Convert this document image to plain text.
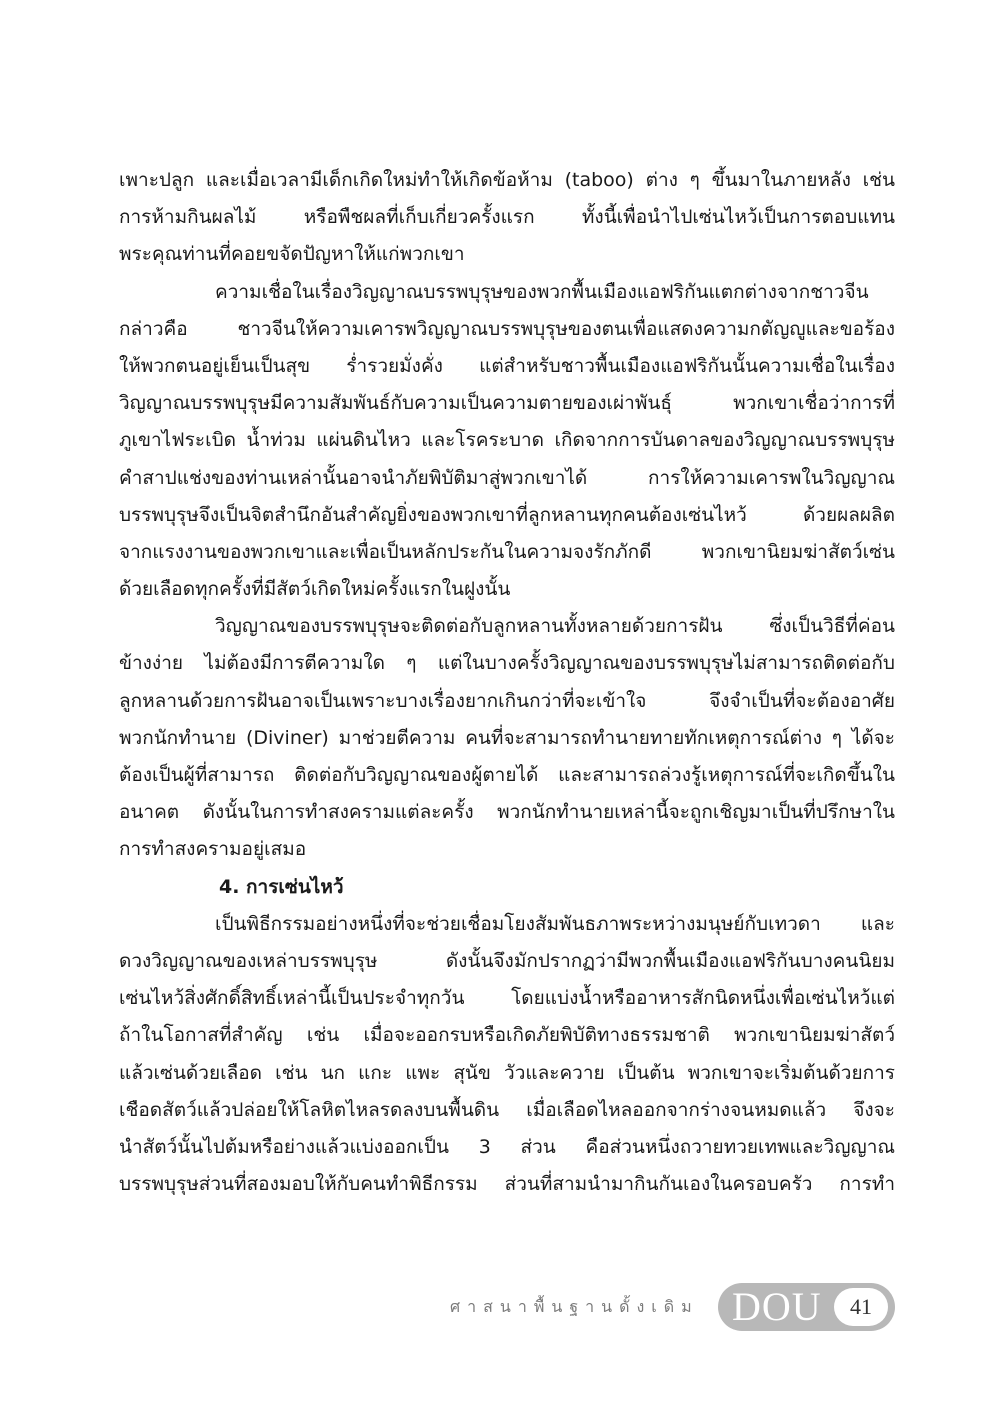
เพาะปลูก และเมื่อเวลามีเด็กเกิดใหม่ทำให้เกิดข้อห้าม (taboo) ต่าง ๆ ขึ้นมาในภายหลัง เช่น
การห้ามกินผลไม้ หรือพืชผลที่เก็บเกี่ยวครั้งแรก ทั้งนี้เพื่อนำไปเซ่นไหว้เป็นการตอบแทน
พระคุณท่านที่คอยขจัดปัญหาให้แก่พวกเขา
ความเชื่อในเรื่องวิญญาณบรรพบุรุษของพวกพื้นเมืองแอฟริกันแตกต่างจากชาวจีน
กล่าวคือ ชาวจีนให้ความเคารพวิญญาณบรรพบุรุษของตนเพื่อแสดงความกตัญญูและขอร้อง
ให้พวกตนอยู่เย็นเป็นสุข ร่ำรวยมั่งคั่ง แต่สำหรับชาวพื้นเมืองแอฟริกันนั้นความเชื่อในเรื่อง
วิญญาณบรรพบุรุษมีความสัมพันธ์กับความเป็นความตายของเผ่าพันธุ์ พวกเขาเชื่อว่าการที่
ภูเขาไฟระเบิด น้ำท่วม แผ่นดินไหว และโรคระบาด เกิดจากการบันดาลของวิญญาณบรรพบุรุษ
คำสาปแช่งของท่านเหล่านั้นอาจนำภัยพิบัติมาสู่พวกเขาได้ การให้ความเคารพในวิญญาณ
บรรพบุรุษจึงเป็นจิตสำนึกอันสำคัญยิ่งของพวกเขาที่ลูกหลานทุกคนต้องเซ่นไหว้ ด้วยผลผลิต
จากแรงงานของพวกเขาและเพื่อเป็นหลักประกันในความจงรักภักดี พวกเขานิยมฆ่าสัตว์เซ่น
ด้วยเลือดทุกครั้งที่มีสัตว์เกิดใหม่ครั้งแรกในฝูงนั้น
วิญญาณของบรรพบุรุษจะติดต่อกับลูกหลานทั้งหลายด้วยการฝัน ซึ่งเป็นวิธีที่ค่อน
ข้างง่าย ไม่ต้องมีการตีความใด ๆ แต่ในบางครั้งวิญญาณของบรรพบุรุษไม่สามารถติดต่อกับ
ลูกหลานด้วยการฝันอาจเป็นเพราะบางเรื่องยากเกินกว่าที่จะเข้าใจ จึงจำเป็นที่จะต้องอาศัย
พวกนักทำนาย (Diviner) มาช่วยตีความ คนที่จะสามารถทำนายทายทักเหตุการณ์ต่าง ๆ ได้จะ
ต้องเป็นผู้ที่สามารถ ติดต่อกับวิญญาณของผู้ตายได้ และสามารถล่วงรู้เหตุการณ์ที่จะเกิดขึ้นใน
อนาคต ดังนั้นในการทำสงครามแต่ละครั้ง พวกนักทำนายเหล่านี้จะถูกเชิญมาเป็นที่ปรึกษาใน
การทำสงครามอยู่เสมอ
4. การเซ่นไหว้
เป็นพิธีกรรมอย่างหนึ่งที่จะช่วยเชื่อมโยงสัมพันธภาพระหว่างมนุษย์กับเทวดา และ
ดวงวิญญาณของเหล่าบรรพบุรุษ ดังนั้นจึงมักปรากฏว่ามีพวกพื้นเมืองแอฟริกันบางคนนิยม
เซ่นไหว้สิ่งศักดิ์สิทธิ์เหล่านี้เป็นประจำทุกวัน โดยแบ่งน้ำหรืออาหารสักนิดหนึ่งเพื่อเซ่นไหว้แต่
ถ้าในโอกาสที่สำคัญ เช่น เมื่อจะออกรบหรือเกิดภัยพิบัติทางธรรมชาติ พวกเขานิยมฆ่าสัตว์
แล้วเซ่นด้วยเลือด เช่น นก แกะ แพะ สุนัข วัวและควาย เป็นต้น พวกเขาจะเริ่มต้นด้วยการ
เชือดสัตว์แล้วปล่อยให้โลหิตไหลรดลงบนพื้นดิน เมื่อเลือดไหลออกจากร่างจนหมดแล้ว จึงจะ
นำสัตว์นั้นไปต้มหรือย่างแล้วแบ่งออกเป็น 3 ส่วน คือส่วนหนึ่งถวายทวยเทพและวิญญาณ
บรรพบุรุษส่วนที่สองมอบให้กับคนทำพิธีกรรม ส่วนที่สามนำมากินกันเองในครอบครัว การทำ
ศาสนาพื้นฐานดั้งเดิม DOU	41
